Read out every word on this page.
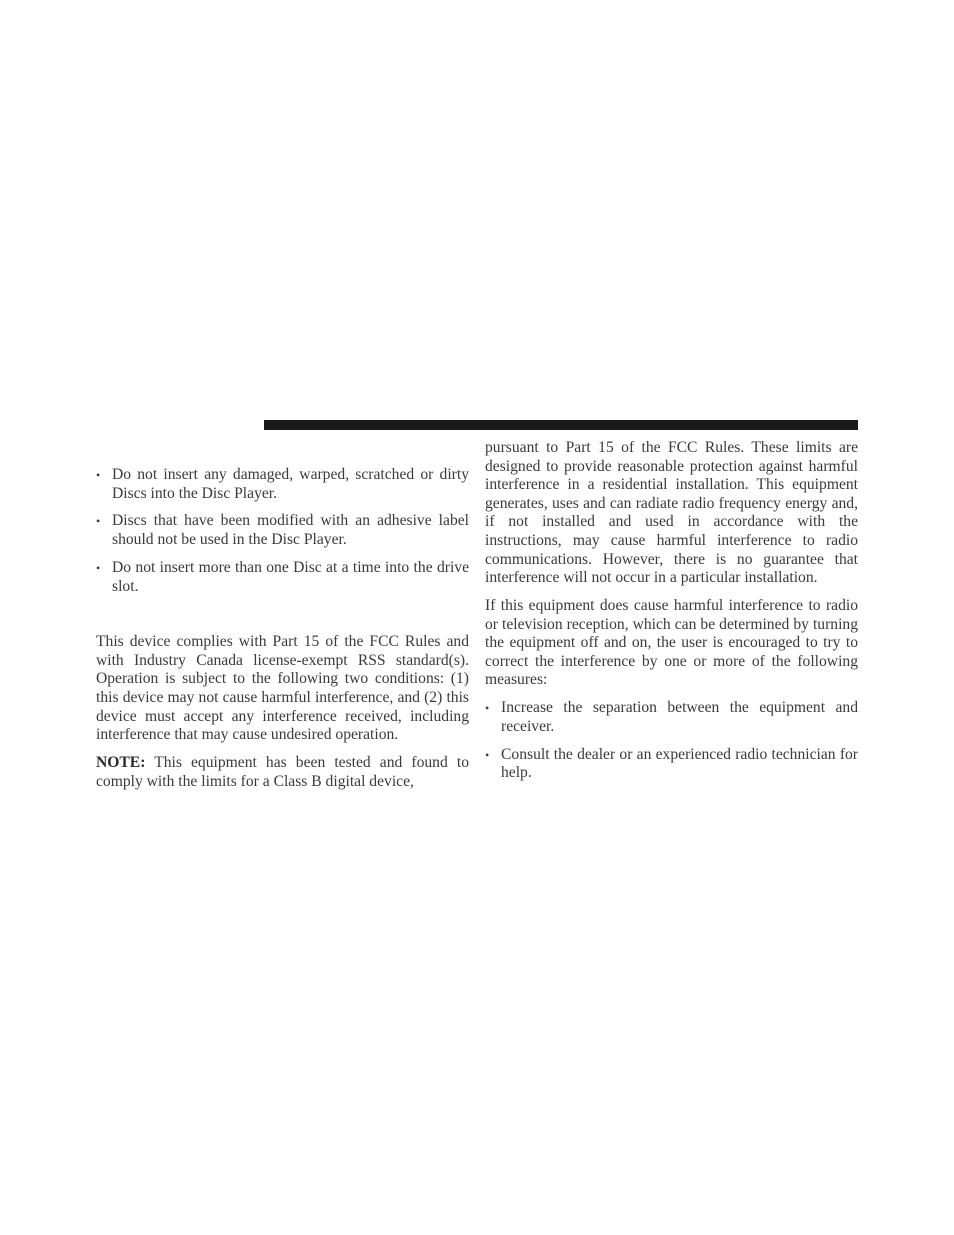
• Do not insert any damaged, warped, scratched or dirty Discs into the Disc Player.
• Discs that have been modified with an adhesive label should not be used in the Disc Player.
• Do not insert more than one Disc at a time into the drive slot.

This device complies with Part 15 of the FCC Rules and with Industry Canada license-exempt RSS standard(s). Operation is subject to the following two conditions: (1) this device may not cause harmful interference, and (2) this device must accept any interference received, including interference that may cause undesired operation.

NOTE: This equipment has been tested and found to comply with the limits for a Class B digital device,

pursuant to Part 15 of the FCC Rules. These limits are designed to provide reasonable protection against harmful interference in a residential installation. This equipment generates, uses and can radiate radio frequency energy and, if not installed and used in accordance with the instructions, may cause harmful interference to radio communications. However, there is no guarantee that interference will not occur in a particular installation.

If this equipment does cause harmful interference to radio or television reception, which can be determined by turning the equipment off and on, the user is encouraged to try to correct the interference by one or more of the following measures:

• Increase the separation between the equipment and receiver.
• Consult the dealer or an experienced radio technician for help.
